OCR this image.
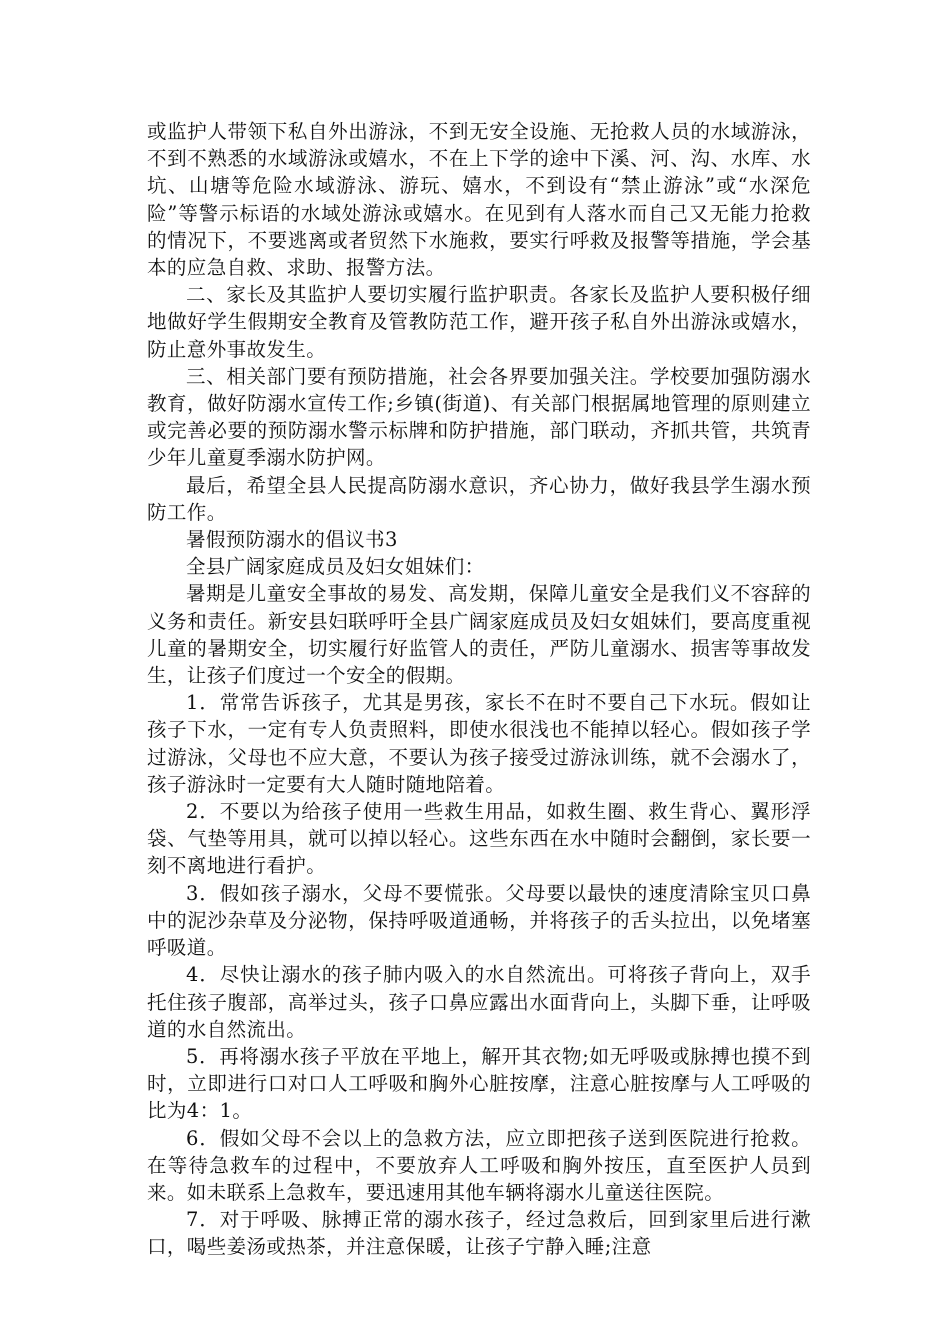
或监护人带领下私自外出游泳，不到无安全设施、无抢救人员的水域游泳，不到不熟悉的水域游泳或嬉水，不在上下学的途中下溪、河、沟、水库、水坑、山塘等危险水域游泳、游玩、嬉水，不到设有“禁止游泳”或“水深危险”等警示标语的水域处游泳或嬉水。在见到有人落水而自己又无能力抢救的情况下，不要逃离或者贸然下水施救，要实行呼救及报警等措施，学会基本的应急自救、求助、报警方法。

二、家长及其监护人要切实履行监护职责。各家长及监护人要积极仔细地做好学生假期安全教育及管教防范工作，避开孩子私自外出游泳或嬉水，防止意外事故发生。

三、相关部门要有预防措施，社会各界要加强关注。学校要加强防溺水教育，做好防溺水宣传工作;乡镇(街道)、有关部门根据属地管理的原则建立或完善必要的预防溺水警示标牌和防护措施，部门联动，齐抓共管，共筑青少年儿童夏季溺水防护网。

最后，希望全县人民提高防溺水意识，齐心协力，做好我县学生溺水预防工作。

暑假预防溺水的倡议书3

全县广阔家庭成员及妇女姐妹们：

暑期是儿童安全事故的易发、高发期，保障儿童安全是我们义不容辞的义务和责任。新安县妇联呼吁全县广阔家庭成员及妇女姐妹们，要高度重视儿童的暑期安全，切实履行好监管人的责任，严防儿童溺水、损害等事故发生，让孩子们度过一个安全的假期。

1．常常告诉孩子，尤其是男孩，家长不在时不要自己下水玩。假如让孩子下水，一定有专人负责照料，即使水很浅也不能掉以轻心。假如孩子学过游泳，父母也不应大意，不要认为孩子接受过游泳训练，就不会溺水了，孩子游泳时一定要有大人随时随地陪着。

2．不要以为给孩子使用一些救生用品，如救生圈、救生背心、翼形浮袋、气垫等用具，就可以掉以轻心。这些东西在水中随时会翻倒，家长要一刻不离地进行看护。

3．假如孩子溺水，父母不要慌张。父母要以最快的速度清除宝贝口鼻中的泥沙杂草及分泌物，保持呼吸道通畅，并将孩子的舌头拉出，以免堵塞呼吸道。

4．尽快让溺水的孩子肺内吸入的水自然流出。可将孩子背向上，双手托住孩子腹部，高举过头，孩子口鼻应露出水面背向上，头脚下垂，让呼吸道的水自然流出。

5．再将溺水孩子平放在平地上，解开其衣物;如无呼吸或脉搏也摸不到时，立即进行口对口人工呼吸和胸外心脏按摩，注意心脏按摩与人工呼吸的比为4：1。

6．假如父母不会以上的急救方法，应立即把孩子送到医院进行抢救。在等待急救车的过程中，不要放弃人工呼吸和胸外按压，直至医护人员到来。如未联系上急救车，要迅速用其他车辆将溺水儿童送往医院。

7．对于呼吸、脉搏正常的溺水孩子，经过急救后，回到家里后进行漱口，喝些姜汤或热茶，并注意保暖，让孩子宁静入睡;注意
